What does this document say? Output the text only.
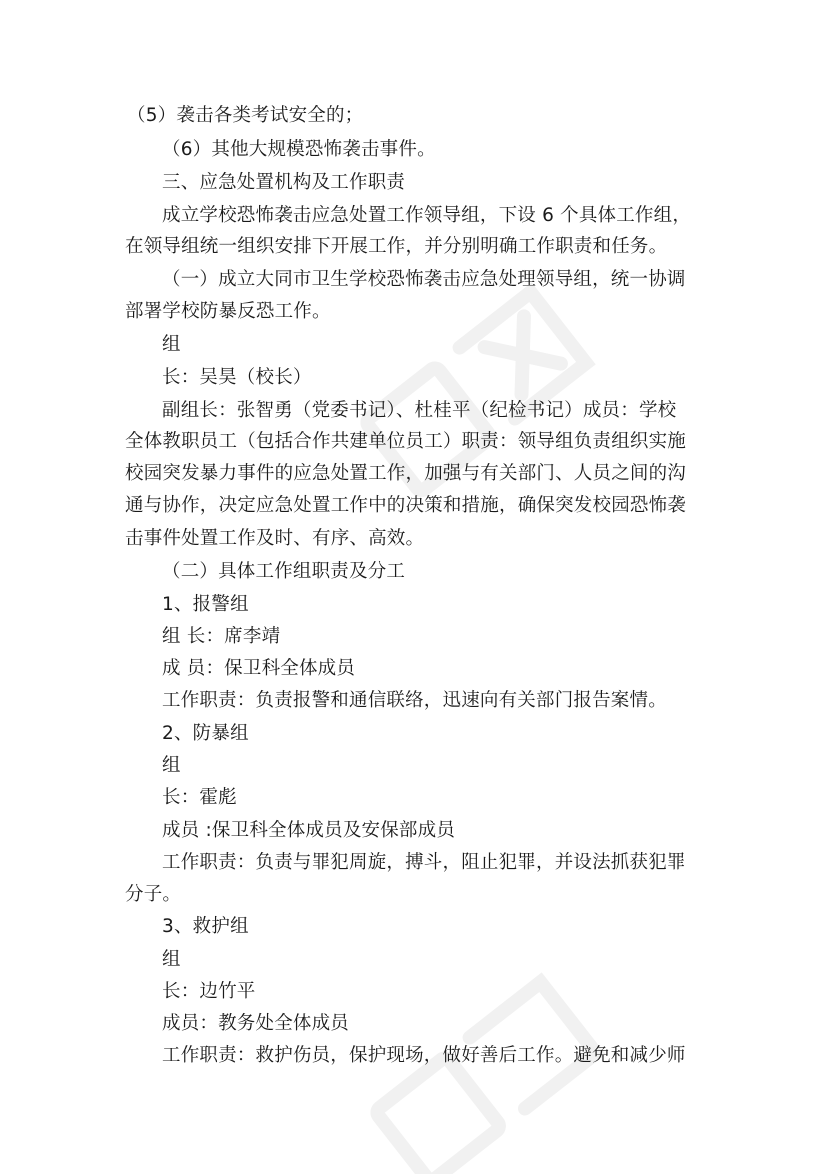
（5）袭击各类考试安全的；
（6）其他大规模恐怖袭击事件。
三、应急处置机构及工作职责
成立学校恐怖袭击应急处置工作领导组，下设 6 个具体工作组，
在领导组统一组织安排下开展工作，并分别明确工作职责和任务。
（一）成立大同市卫生学校恐怖袭击应急处理领导组，统一协调
部署学校防暴反恐工作。
组
长：吴昊（校长）
副组长：张智勇（党委书记）、杜桂平（纪检书记）成员：学校
全体教职员工（包括合作共建单位员工）职责：领导组负责组织实施
校园突发暴力事件的应急处置工作，加强与有关部门、人员之间的沟
通与协作，决定应急处置工作中的决策和措施，确保突发校园恐怖袭
击事件处置工作及时、有序、高效。
（二）具体工作组职责及分工
1、报警组
组 长：席李靖
成 员：保卫科全体成员
工作职责：负责报警和通信联络，迅速向有关部门报告案情。
2、防暴组
组
长：霍彪
成员 :保卫科全体成员及安保部成员
工作职责：负责与罪犯周旋，搏斗，阻止犯罪，并设法抓获犯罪
分子。
3、救护组
组
长：边竹平
成员：教务处全体成员
工作职责：救护伤员，保护现场，做好善后工作。避免和减少师
